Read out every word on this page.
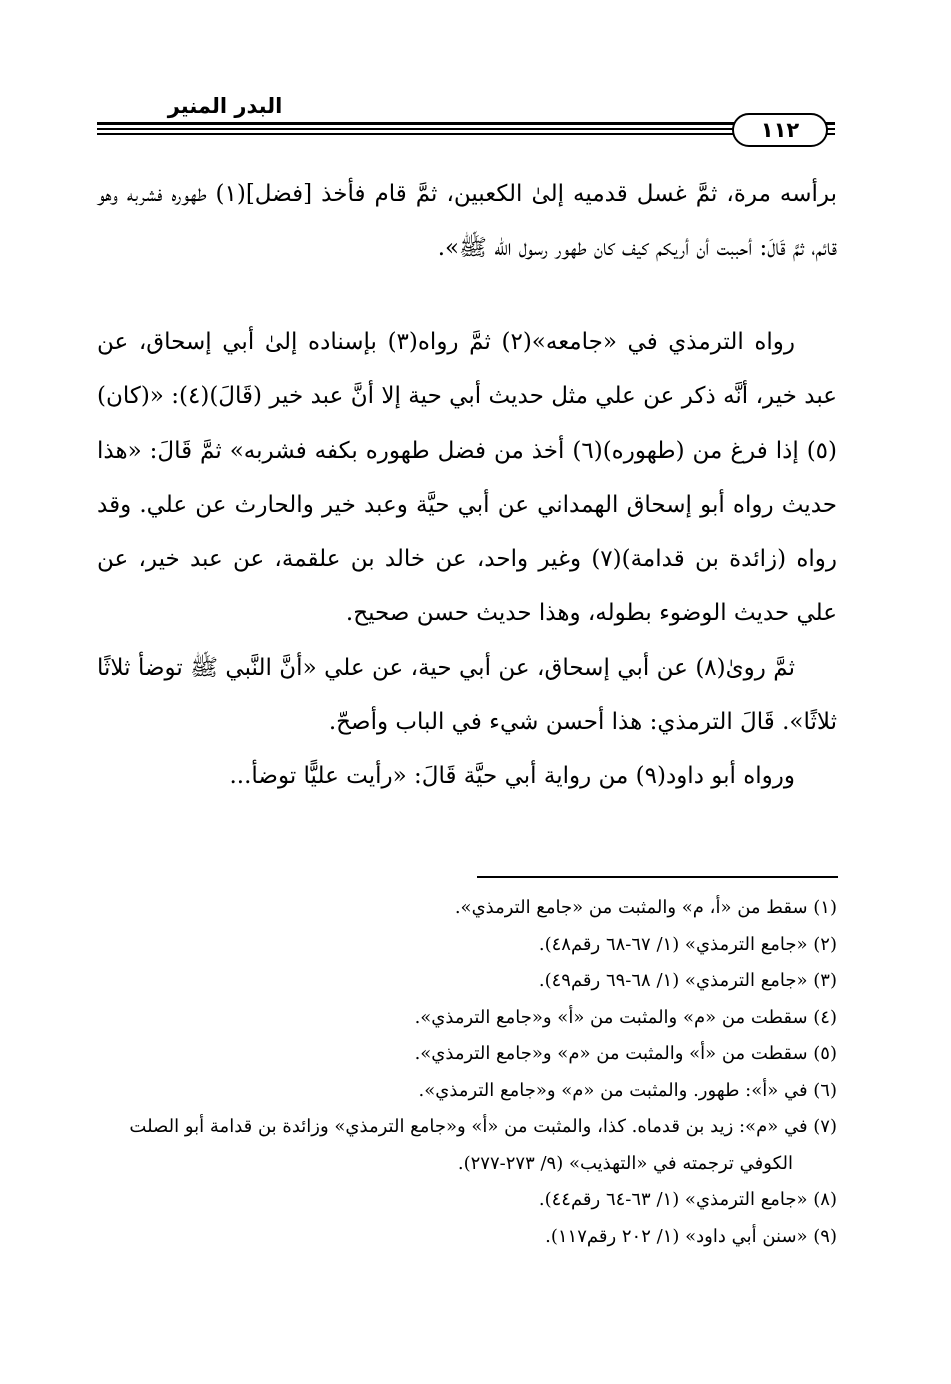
البدر المنير
١١٢

برأسه مرة، ثمَّ غسل قدميه إلىٰ الكعبين، ثمَّ قام فأخذ [فضل](١) طهوره فشربه وهو قائم، ثمَّ قَالَ: أحببت أن أريكم كيف كان طهور رسول الله ﷺ».

رواه الترمذي في «جامعه»(٢) ثمَّ رواه(٣) بإسناده إلىٰ أبي إسحاق، عن عبد خير، أنَّه ذكر عن علي مثل حديث أبي حية إلا أنَّ عبد خير (قَالَ)(٤): «(كان)(٥) إذا فرغ من (طهوره)(٦) أخذ من فضل طهوره بكفه فشربه» ثمَّ قَالَ: «هذا حديث رواه أبو إسحاق الهمداني عن أبي حيَّة وعبد خير والحارث عن علي. وقد رواه (زائدة بن قدامة)(٧) وغير واحد، عن خالد بن علقمة، عن عبد خير، عن علي حديث الوضوء بطوله، وهذا حديث حسن صحيح.

ثمَّ روىٰ(٨) عن أبي إسحاق، عن أبي حية، عن علي «أنَّ النَّبي ﷺ توضأ ثلاثًا ثلاثًا». قَالَ الترمذي: هذا أحسن شيء في الباب وأصحّ.

ورواه أبو داود(٩) من رواية أبي حيَّة قَالَ: «رأيت عليًّا توضأ...

(١) سقط من «أ، م» والمثبت من «جامع الترمذي».

(٢) «جامع الترمذي» (١/ ٦٧-٦٨ رقم٤٨).

(٣) «جامع الترمذي» (١/ ٦٨-٦٩ رقم٤٩).

(٤) سقطت من «م» والمثبت من «أ» و«جامع الترمذي».

(٥) سقطت من «أ» والمثبت من «م» و«جامع الترمذي».

(٦) في «أ»: طهور. والمثبت من «م» و«جامع الترمذي».

(٧) في «م»: زيد بن قدماه. كذا، والمثبت من «أ» و«جامع الترمذي» وزائدة بن قدامة أبو الصلت الكوفي ترجمته في «التهذيب» (٩/ ٢٧٣-٢٧٧).

(٨) «جامع الترمذي» (١/ ٦٣-٦٤ رقم٤٤).

(٩) «سنن أبي داود» (١/ ٢٠٢ رقم١١٧).
